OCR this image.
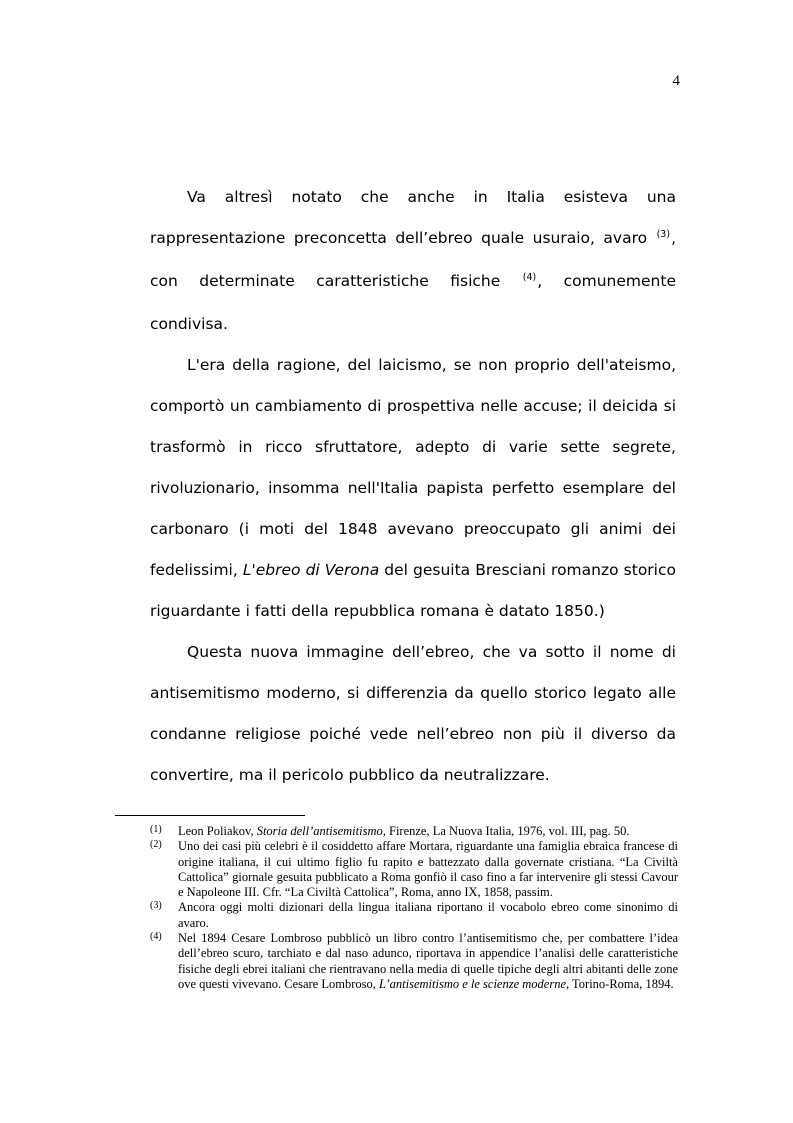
4

Va altresì notato che anche in Italia esisteva una rappresentazione preconcetta dell’ebreo quale usuraio, avaro $^{(3)}$, con determinate caratteristiche fisiche $^{(4)}$, comunemente condivisa.

L'era della ragione, del laicismo, se non proprio dell'ateismo, comportò un cambiamento di prospettiva nelle accuse; il deicida si trasformò in ricco sfruttatore, adepto di varie sette segrete, rivoluzionario, insomma nell'Italia papista perfetto esemplare del carbonaro (i moti del 1848 avevano preoccupato gli animi dei fedelissimi, L'ebreo di Verona del gesuita Bresciani romanzo storico riguardante i fatti della repubblica romana è datato 1850.)

Questa nuova immagine dell’ebreo, che va sotto il nome di antisemitismo moderno, si differenzia da quello storico legato alle condanne religiose poiché vede nell’ebreo non più il diverso da convertire, ma il pericolo pubblico da neutralizzare.

(1)	Leon Poliakov, Storia dell’antisemitismo, Firenze, La Nuova Italia, 1976, vol. III, pag. 50.
(2)	Uno dei casi più celebri è il cosiddetto affare Mortara, riguardante una famiglia ebraica francese di origine italiana, il cui ultimo figlio fu rapito e battezzato dalla governate cristiana. “La Civiltà Cattolica” giornale gesuita pubblicato a Roma gonfiò il caso fino a far intervenire gli stessi Cavour e Napoleone III. Cfr. “La Civiltà Cattolica”, Roma, anno IX, 1858, passim.
(3)	Ancora oggi molti dizionari della lingua italiana riportano il vocabolo ebreo come sinonimo di avaro.
(4)	Nel 1894 Cesare Lombroso pubblicò un libro contro l’antisemitismo che, per combattere l’idea dell’ebreo scuro, tarchiato e dal naso adunco, riportava in appendice l’analisi delle caratteristiche fisiche degli ebrei italiani che rientravano nella media di quelle tipiche degli altri abitanti delle zone ove questi vivevano. Cesare Lombroso, L’antisemitismo e le scienze moderne, Torino-Roma, 1894.
